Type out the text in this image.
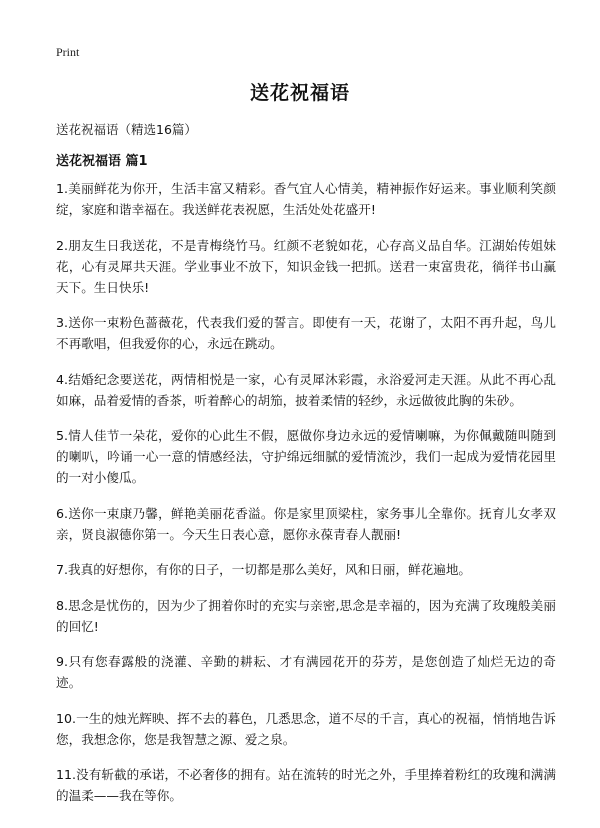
Print
送花祝福语

送花祝福语（精选16篇）

送花祝福语 篇1
1.美丽鲜花为你开，生活丰富又精彩。香气宜人心情美，精神振作好运来。事业顺利笑颜绽，家庭和谐幸福在。我送鲜花表祝愿，生活处处花盛开!
2.朋友生日我送花，不是青梅绕竹马。红颜不老貌如花，心存高义品自华。江湖始传姐妹花，心有灵犀共天涯。学业事业不放下，知识金钱一把抓。送君一束富贵花，徜徉书山赢天下。生日快乐!
3.送你一束粉色蔷薇花，代表我们爱的誓言。即使有一天，花谢了，太阳不再升起，鸟儿不再歌唱，但我爱你的心，永远在跳动。
4.结婚纪念要送花，两情相悦是一家，心有灵犀沐彩霞，永浴爱河走天涯。从此不再心乱如麻，品着爱情的香茶，听着醉心的胡笳，披着柔情的轻纱，永远做彼此胸的朱砂。
5.情人佳节一朵花，爱你的心此生不假，愿做你身边永远的爱情喇嘛，为你佩戴随叫随到的喇叭，吟诵一心一意的情感经法，守护绵远细腻的爱情流沙，我们一起成为爱情花园里的一对小傻瓜。
6.送你一束康乃馨，鲜艳美丽花香溢。你是家里顶梁柱，家务事儿全靠你。抚育儿女孝双亲，贤良淑德你第一。今天生日表心意，愿你永葆青春人靓丽!
7.我真的好想你，有你的日子，一切都是那么美好，风和日丽，鲜花遍地。
8.思念是忧伤的，因为少了拥着你时的充实与亲密,思念是幸福的，因为充满了玫瑰般美丽的回忆!
9.只有您春露般的浇灌、辛勤的耕耘、才有满园花开的芬芳，是您创造了灿烂无边的奇迹。
10.一生的烛光辉映、挥不去的暮色，几悉思念，道不尽的千言，真心的祝福，悄悄地告诉您，我想念你，您是我智慧之源、爱之泉。
11.没有斩截的承诺，不必奢侈的拥有。站在流转的时光之外，手里捧着粉红的玫瑰和满满的温柔——我在等你。
